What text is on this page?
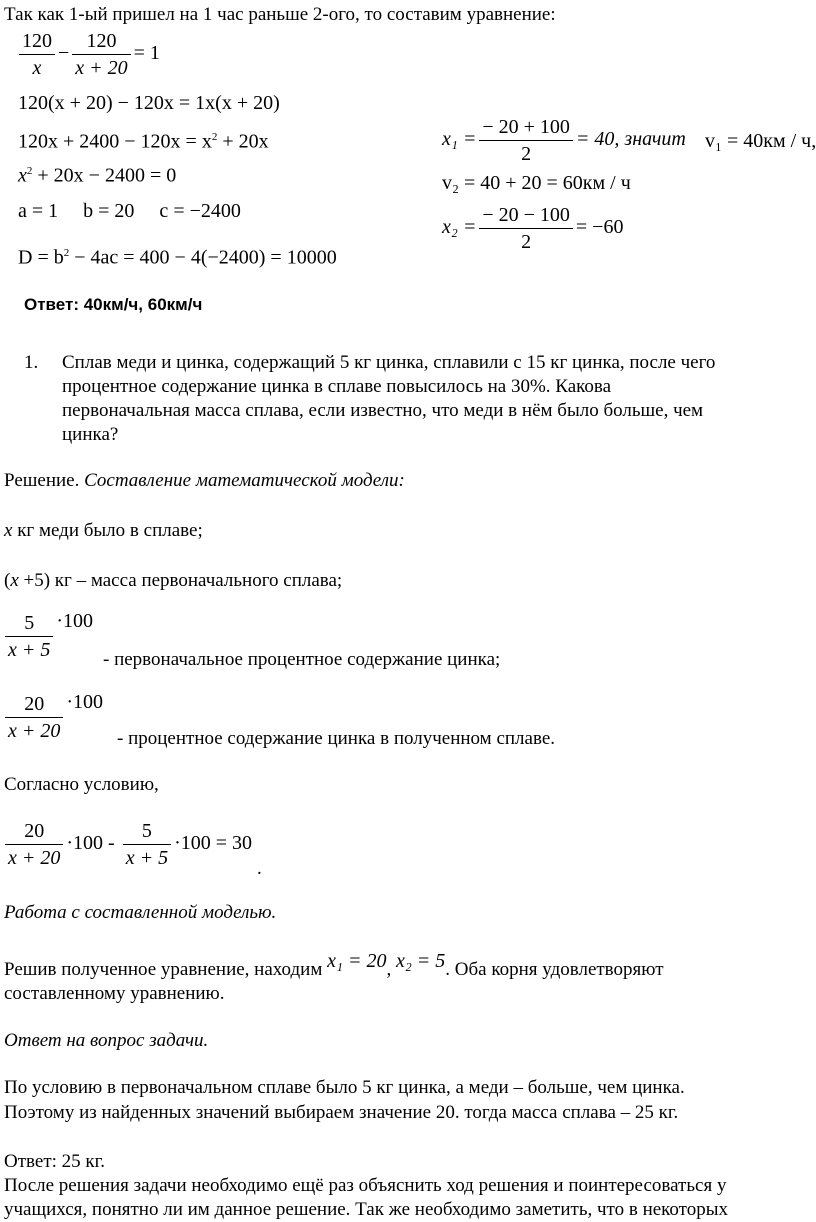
Так как 1-ый пришел на 1 час раньше 2-ого, то составим уравнение:
$\frac{120}{x} - \frac{120}{x + 20} = 1$
120(x + 20) − 120x = 1x(x + 20)
$120x + 2400 - 120x = x^2 + 20x$
$x^2 + 20x - 2400 = 0$
a = 1     b = 20     c = −2400
$D = b^2 - 4ac = 400 - 4(-2400) = 10000$
$x_1 = \frac{- 20 + 100}{2} = 40$, значит v₁ = 40км / ч,
v₂ = 40 + 20 = 60км / ч
$x_2 = \frac{- 20 - 100}{2} = -60$
Ответ: 40км/ч, 60км/ч
1. Сплав меди и цинка, содержащий 5 кг цинка, сплавили с 15 кг цинка, после чего
процентное содержание цинка в сплаве повысилось на 30%. Какова
первоначальная масса сплава, если известно, что меди в нём было больше, чем
цинка?
Решение. Составление математической модели:
x кг меди было в сплаве;
(x +5) кг – масса первоначального сплава;
$\frac{5}{x + 5} \cdot 100$
- первоначальное процентное содержание цинка;
$\frac{20}{x + 20} \cdot 100$
- процентное содержание цинка в полученном сплаве.
Согласно условию,
$\frac{20}{x + 20} \cdot 100 - \frac{5}{x + 5} \cdot 100 = 30$
.
Работа с составленной моделью.
Решив полученное уравнение, находим x₁ = 20, x₂ = 5. Оба корня удовлетворяют
составленному уравнению.
Ответ на вопрос задачи.
По условию в первоначальном сплаве было 5 кг цинка, а меди – больше, чем цинка.
Поэтому из найденных значений выбираем значение 20. тогда масса сплава – 25 кг.
Ответ: 25 кг.
После решения задачи необходимо ещё раз объяснить ход решения и поинтересоваться у
учащихся, понятно ли им данное решение. Так же необходимо заметить, что в некоторых
